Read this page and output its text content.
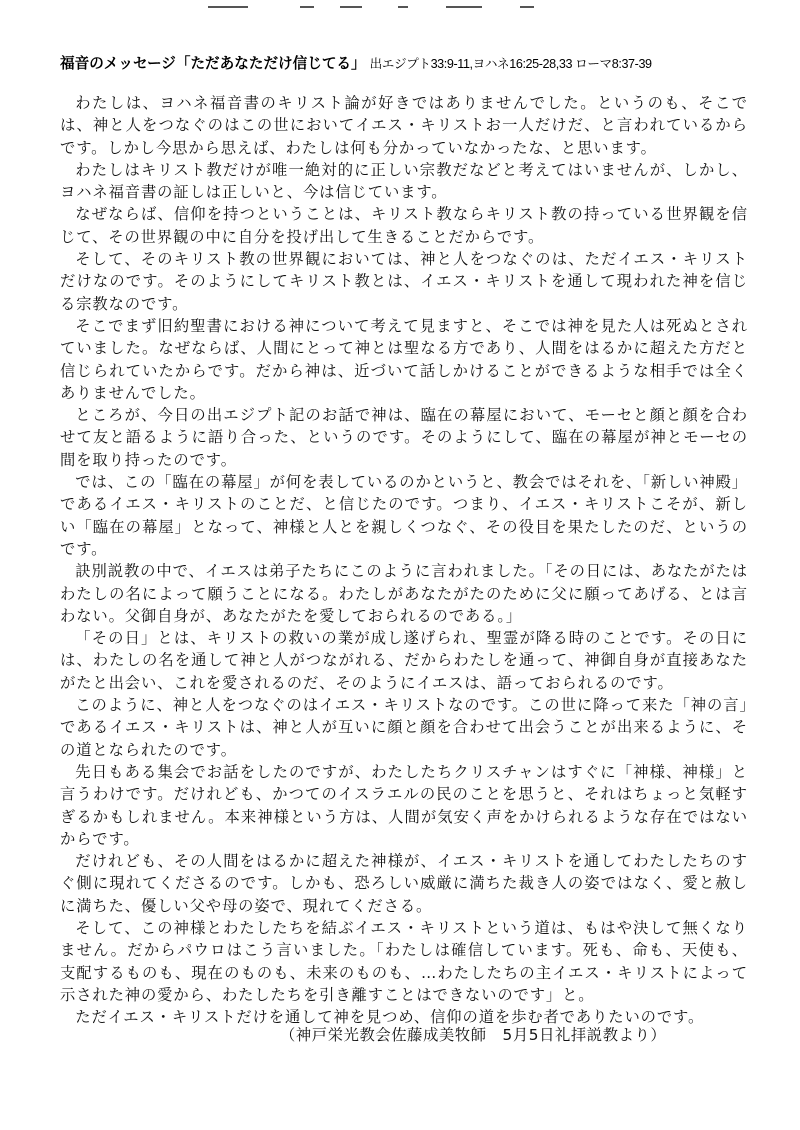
福音のメッセージ「ただあなただけ信じてる」 出エジプト33:9-11,ヨハネ16:25-28,33 ローマ8:37-39

わたしは、ヨハネ福音書のキリスト論が好きではありませんでした。というのも、そこでは、神と人をつなぐのはこの世においてイエス・キリストお一人だけだ、と言われているからです。しかし今思から思えば、わたしは何も分かっていなかったな、と思います。

わたしはキリスト教だけが唯一絶対的に正しい宗教だなどと考えてはいませんが、しかし、ヨハネ福音書の証しは正しいと、今は信じています。

なぜならば、信仰を持つということは、キリスト教ならキリスト教の持っている世界観を信じて、その世界観の中に自分を投げ出して生きることだからです。

そして、そのキリスト教の世界観においては、神と人をつなぐのは、ただイエス・キリストだけなのです。そのようにしてキリスト教とは、イエス・キリストを通して現われた神を信じる宗教なのです。

そこでまず旧約聖書における神について考えて見ますと、そこでは神を見た人は死ぬとされていました。なぜならば、人間にとって神とは聖なる方であり、人間をはるかに超えた方だと信じられていたからです。だから神は、近づいて話しかけることができるような相手では全くありませんでした。

ところが、今日の出エジプト記のお話で神は、臨在の幕屋において、モーセと顔と顔を合わせて友と語るように語り合った、というのです。そのようにして、臨在の幕屋が神とモーセの間を取り持ったのです。

では、この「臨在の幕屋」が何を表しているのかというと、教会ではそれを、「新しい神殿」であるイエス・キリストのことだ、と信じたのです。つまり、イエス・キリストこそが、新しい「臨在の幕屋」となって、神様と人とを親しくつなぐ、その役目を果たしたのだ、というのです。

訣別説教の中で、イエスは弟子たちにこのように言われました。「その日には、あなたがたはわたしの名によって願うことになる。わたしがあなたがたのために父に願ってあげる、とは言わない。父御自身が、あなたがたを愛しておられるのである。」

「その日」とは、キリストの救いの業が成し遂げられ、聖霊が降る時のことです。その日には、わたしの名を通して神と人がつながれる、だからわたしを通って、神御自身が直接あなたがたと出会い、これを愛されるのだ、そのようにイエスは、語っておられるのです。

このように、神と人をつなぐのはイエス・キリストなのです。この世に降って来た「神の言」であるイエス・キリストは、神と人が互いに顔と顔を合わせて出会うことが出来るように、その道となられたのです。

先日もある集会でお話をしたのですが、わたしたちクリスチャンはすぐに「神様、神様」と言うわけです。だけれども、かつてのイスラエルの民のことを思うと、それはちょっと気軽すぎるかもしれません。本来神様という方は、人間が気安く声をかけられるような存在ではないからです。

だけれども、その人間をはるかに超えた神様が、イエス・キリストを通してわたしたちのすぐ側に現れてくださるのです。しかも、恐ろしい威厳に満ちた裁き人の姿ではなく、愛と赦しに満ちた、優しい父や母の姿で、現れてくださる。

そして、この神様とわたしたちを結ぶイエス・キリストという道は、もはや決して無くなりません。だからパウロはこう言いました。「わたしは確信しています。死も、命も、天使も、支配するものも、現在のものも、未来のものも、…わたしたちの主イエス・キリストによって示された神の愛から、わたしたちを引き離すことはできないのです」と。

ただイエス・キリストだけを通して神を見つめ、信仰の道を歩む者でありたいのです。

（神戸栄光教会佐藤成美牧師　5月5日礼拝説教より）
